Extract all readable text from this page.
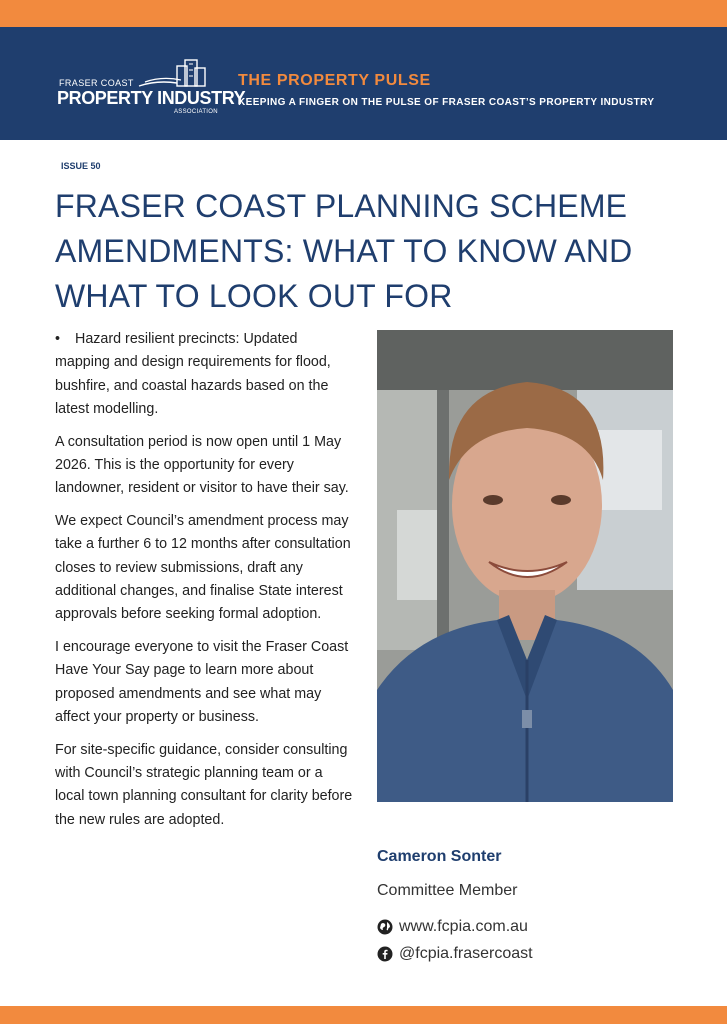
FRASER COAST
PROPERTY INDUSTRY
ASSOCIATION
THE PROPERTY PULSE
KEEPING A FINGER ON THE PULSE OF FRASER COAST’S PROPERTY INDUSTRY
ISSUE 50
FRASER COAST PLANNING SCHEME AMENDMENTS: WHAT TO KNOW AND WHAT TO LOOK OUT FOR

• Hazard resilient precincts: Updated mapping and design requirements for flood, bushfire, and coastal hazards based on the latest modelling.

A consultation period is now open until 1 May 2026. This is the opportunity for every landowner, resident or visitor to have their say.

We expect Council’s amendment process may take a further 6 to 12 months after consultation closes to review submissions, draft any additional changes, and finalise State interest approvals before seeking formal adoption.

I encourage everyone to visit the Fraser Coast Have Your Say page to learn more about proposed amendments and see what may affect your property or business.

For site-specific guidance, consider consulting with Council’s strategic planning team or a local town planning consultant for clarity before the new rules are adopted.

Cameron Sonter
Committee Member
www.fcpia.com.au
@fcpia.frasercoast
